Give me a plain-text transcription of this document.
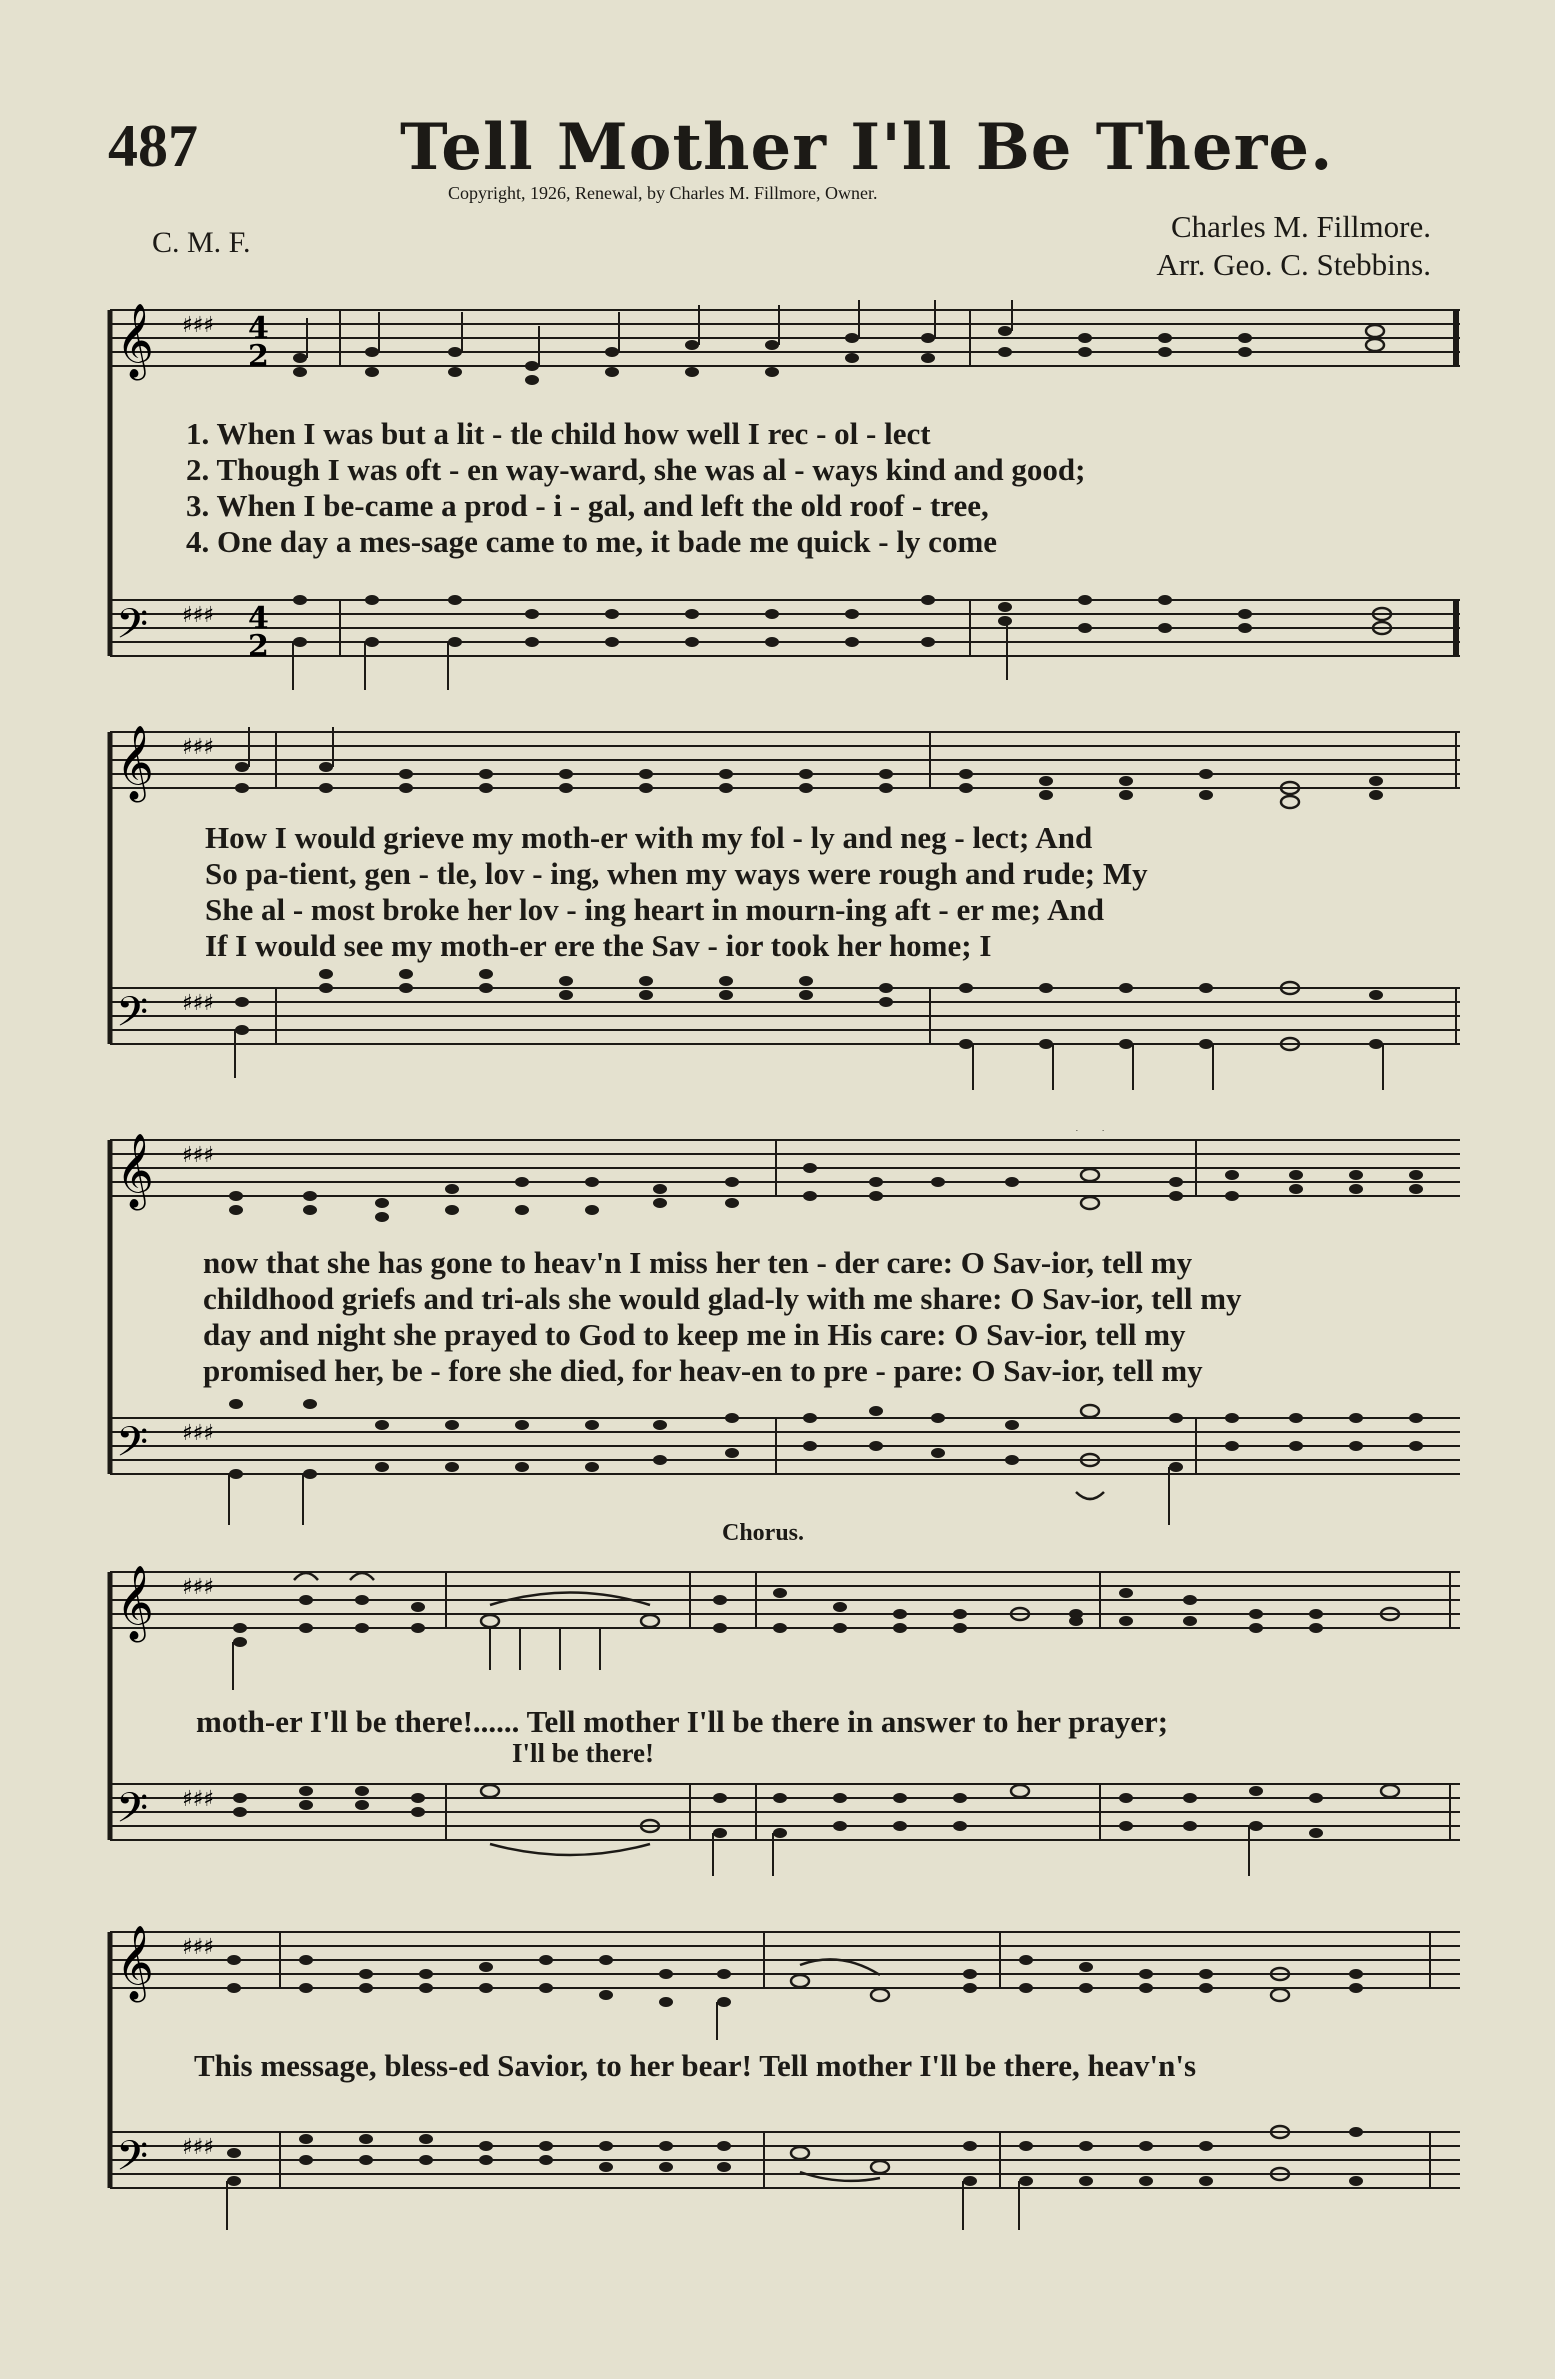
487	Tell Mother I'll Be There.
Copyright, 1926, Renewal, by Charles M. Fillmore, Owner.
C. M. F.	Charles M. Fillmore.
Arr. Geo. C. Stebbins.
𝄞
𝄢
♯♯♯
♯♯♯
4
2
4
2
1. When I was but a lit - tle child how well I rec - ol - lect
2. Though I was oft - en way-ward, she was al - ways kind and good;
3. When I be-came a prod - i - gal, and left the old roof - tree,
4. One day a mes-sage came to me, it bade me quick - ly come
𝄞
𝄢
♯♯♯
♯♯♯
How I would grieve my moth-er with my fol - ly and neg - lect; And
So pa-tient, gen - tle, lov - ing, when my ways were rough and rude; My
She al - most broke her lov - ing heart in mourn-ing aft - er me; And
If I would see my moth-er ere the Sav - ior took her home; I
𝄞
𝄢
♯♯♯
♯♯♯
now that she has gone to heav'n I miss her ten - der care: O Sav-ior, tell my
childhood griefs and tri-als she would glad-ly with me share: O Sav-ior, tell my
day and night she prayed to God to keep me in His care: O Sav-ior, tell my
promised her, be - fore she died, for heav-en to pre - pare: O Sav-ior, tell my
Chorus.
𝄞
𝄢
♯♯♯
♯♯♯
moth-er I'll be there!...... Tell mother I'll be there in answer to her prayer;
I'll be there!
𝄞
𝄢
♯♯♯
♯♯♯
This message, bless-ed Savior, to her bear! Tell mother I'll be there, heav'n's
